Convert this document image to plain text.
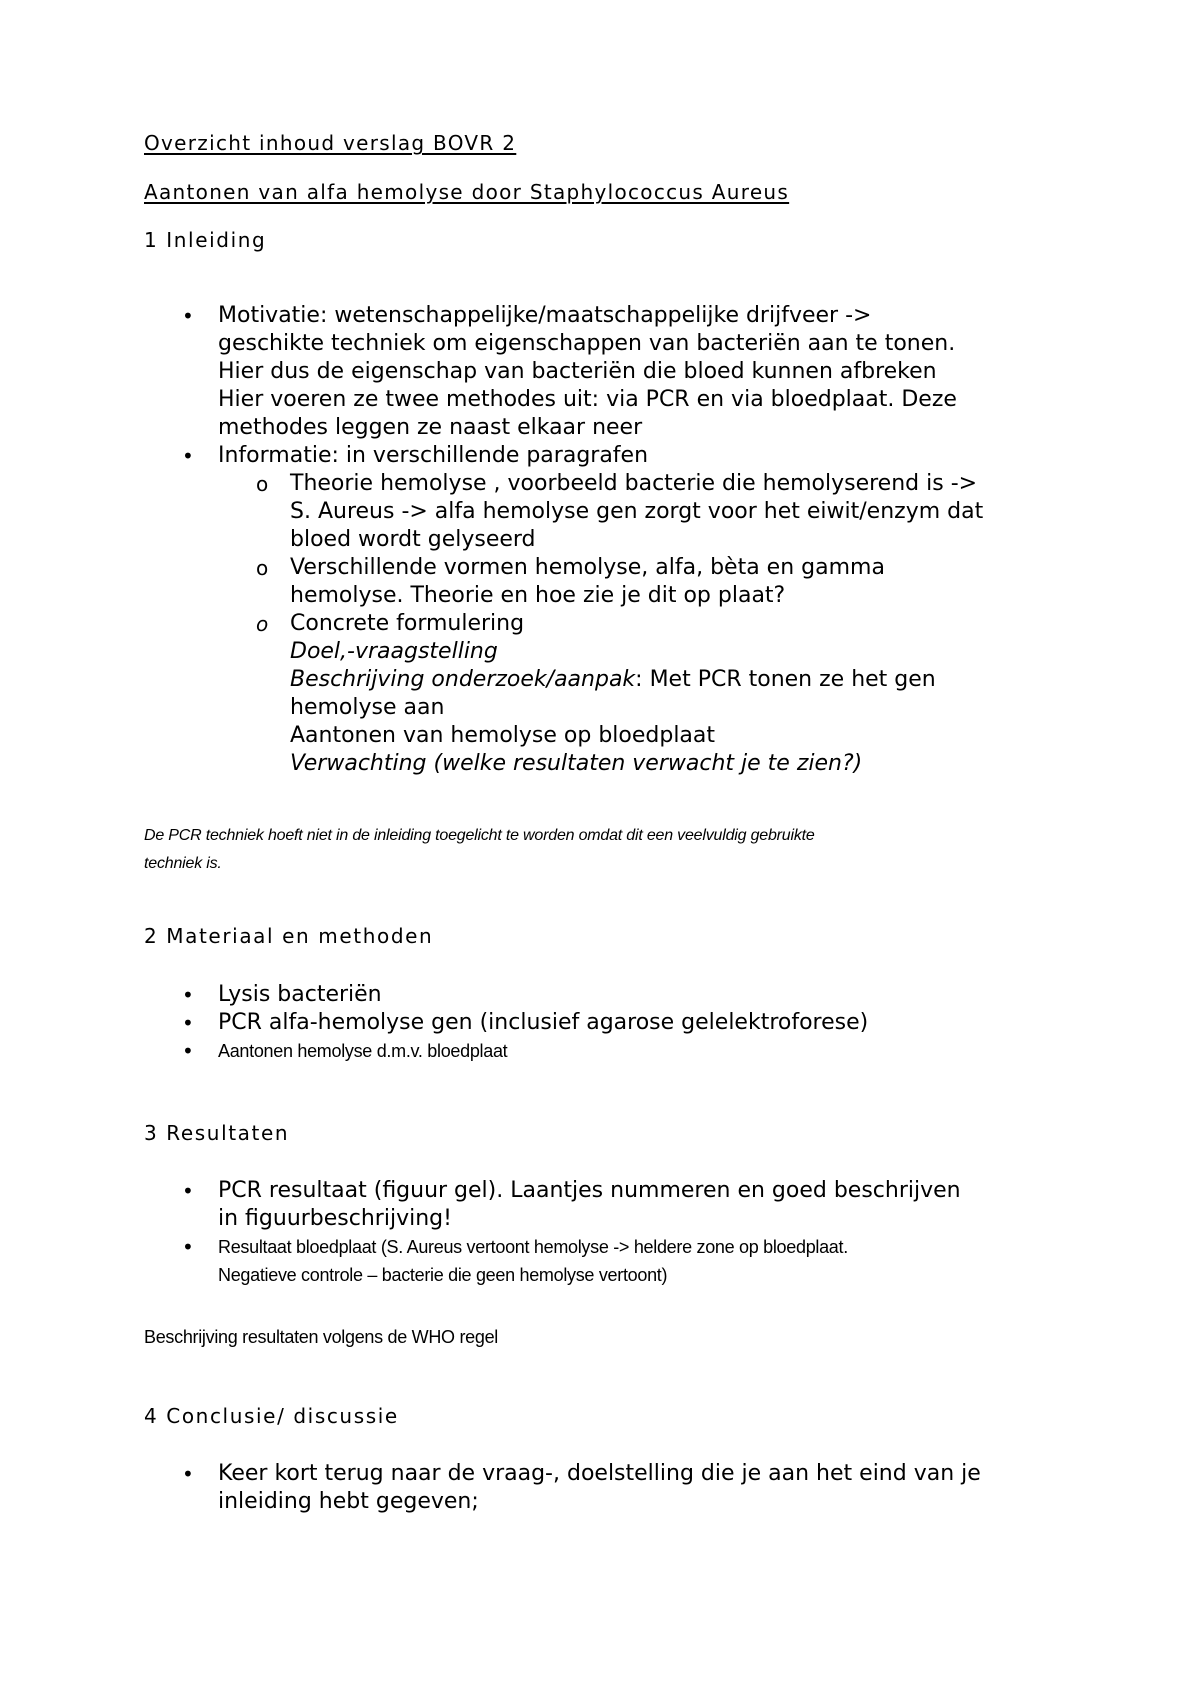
Overzicht inhoud verslag BOVR 2
Aantonen van alfa hemolyse door Staphylococcus Aureus
1 Inleiding
• Motivatie: wetenschappelijke/maatschappelijke drijfveer ->
geschikte techniek om eigenschappen van bacteriën aan te tonen.
Hier dus de eigenschap van bacteriën die bloed kunnen afbreken
Hier voeren ze twee methodes uit: via PCR en via bloedplaat. Deze
methodes leggen ze naast elkaar neer
• Informatie: in verschillende paragrafen
o Theorie hemolyse , voorbeeld bacterie die hemolyserend is ->
S. Aureus -> alfa hemolyse gen zorgt voor het eiwit/enzym dat
bloed wordt gelyseerd
o Verschillende vormen hemolyse, alfa, bèta en gamma
hemolyse. Theorie en hoe zie je dit op plaat?
o Concrete formulering
Doel,-vraagstelling
Beschrijving onderzoek/aanpak: Met PCR tonen ze het gen
hemolyse aan
Aantonen van hemolyse op bloedplaat
Verwachting (welke resultaten verwacht je te zien?)
De PCR techniek hoeft niet in de inleiding toegelicht te worden omdat dit een veelvuldig gebruikte
techniek is.
2 Materiaal en methoden
• Lysis bacteriën
• PCR alfa-hemolyse gen (inclusief agarose gelelektroforese)
• Aantonen hemolyse d.m.v. bloedplaat
3 Resultaten
• PCR resultaat (figuur gel). Laantjes nummeren en goed beschrijven
in figuurbeschrijving!
• Resultaat bloedplaat (S. Aureus vertoont hemolyse -> heldere zone op bloedplaat.
Negatieve controle – bacterie die geen hemolyse vertoont)
Beschrijving resultaten volgens de WHO regel
4 Conclusie/ discussie
• Keer kort terug naar de vraag-, doelstelling die je aan het eind van je
inleiding hebt gegeven;
